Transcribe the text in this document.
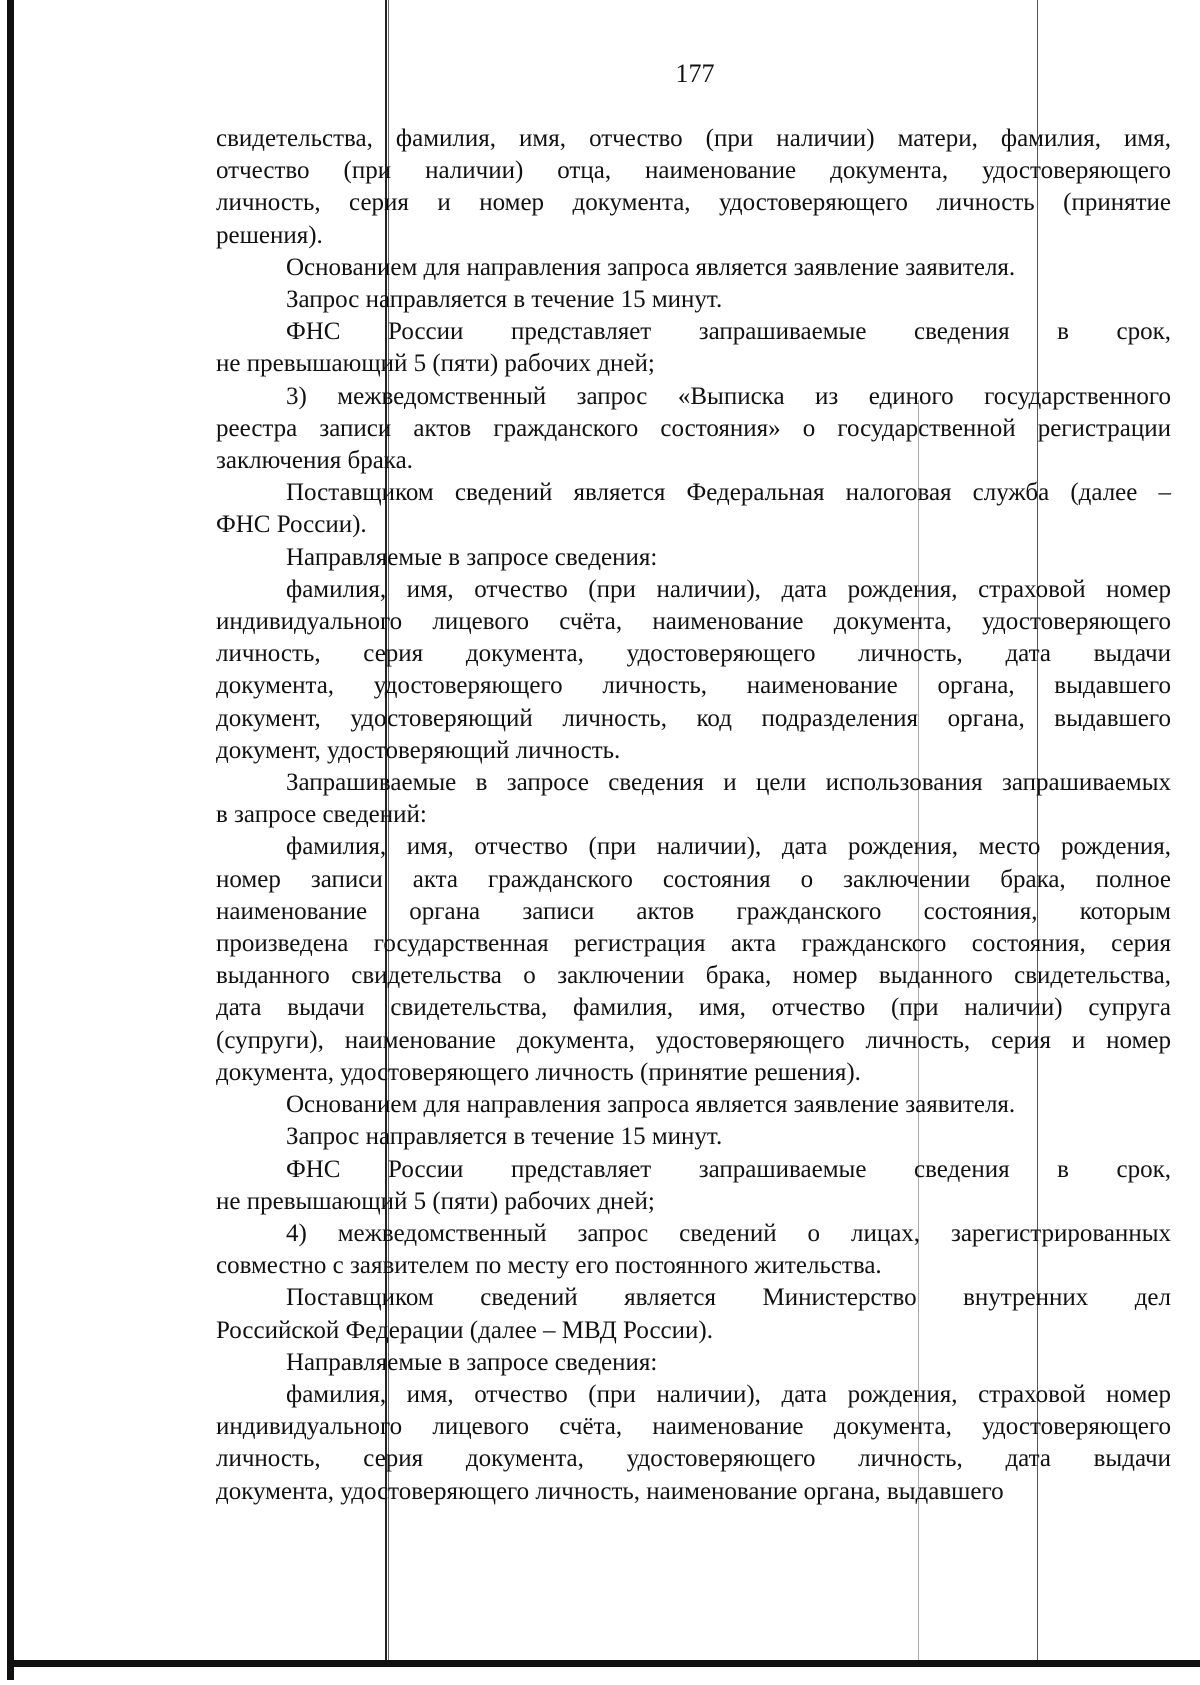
177

свидетельства, фамилия, имя, отчество (при наличии) матери, фамилия, имя,
отчество (при наличии) отца, наименование документа, удостоверяющего
личность, серия и номер документа, удостоверяющего личность (принятие
решения).

Основанием для направления запроса является заявление заявителя.

Запрос направляется в течение 15 минут.

ФНС России представляет запрашиваемые сведения в срок,
не превышающий 5 (пяти) рабочих дней;

3) межведомственный запрос «Выписка из единого государственного
реестра записи актов гражданского состояния» о государственной регистрации
заключения брака.

Поставщиком сведений является Федеральная налоговая служба (далее –
ФНС России).

Направляемые в запросе сведения:

фамилия, имя, отчество (при наличии), дата рождения, страховой номер
индивидуального лицевого счёта, наименование документа, удостоверяющего
личность, серия документа, удостоверяющего личность, дата выдачи
документа, удостоверяющего личность, наименование органа, выдавшего
документ, удостоверяющий личность, код подразделения органа, выдавшего
документ, удостоверяющий личность.

Запрашиваемые в запросе сведения и цели использования запрашиваемых
в запросе сведений:

фамилия, имя, отчество (при наличии), дата рождения, место рождения,
номер записи акта гражданского состояния о заключении брака, полное
наименование органа записи актов гражданского состояния, которым
произведена государственная регистрация акта гражданского состояния, серия
выданного свидетельства о заключении брака, номер выданного свидетельства,
дата выдачи свидетельства, фамилия, имя, отчество (при наличии) супруга
(супруги), наименование документа, удостоверяющего личность, серия и номер
документа, удостоверяющего личность (принятие решения).

Основанием для направления запроса является заявление заявителя.

Запрос направляется в течение 15 минут.

ФНС России представляет запрашиваемые сведения в срок,
не превышающий 5 (пяти) рабочих дней;

4) межведомственный запрос сведений о лицах, зарегистрированных
совместно с заявителем по месту его постоянного жительства.

Поставщиком сведений является Министерство внутренних дел
Российской Федерации (далее – МВД России).

Направляемые в запросе сведения:

фамилия, имя, отчество (при наличии), дата рождения, страховой номер
индивидуального лицевого счёта, наименование документа, удостоверяющего
личность, серия документа, удостоверяющего личность, дата выдачи
документа, удостоверяющего личность, наименование органа, выдавшего
